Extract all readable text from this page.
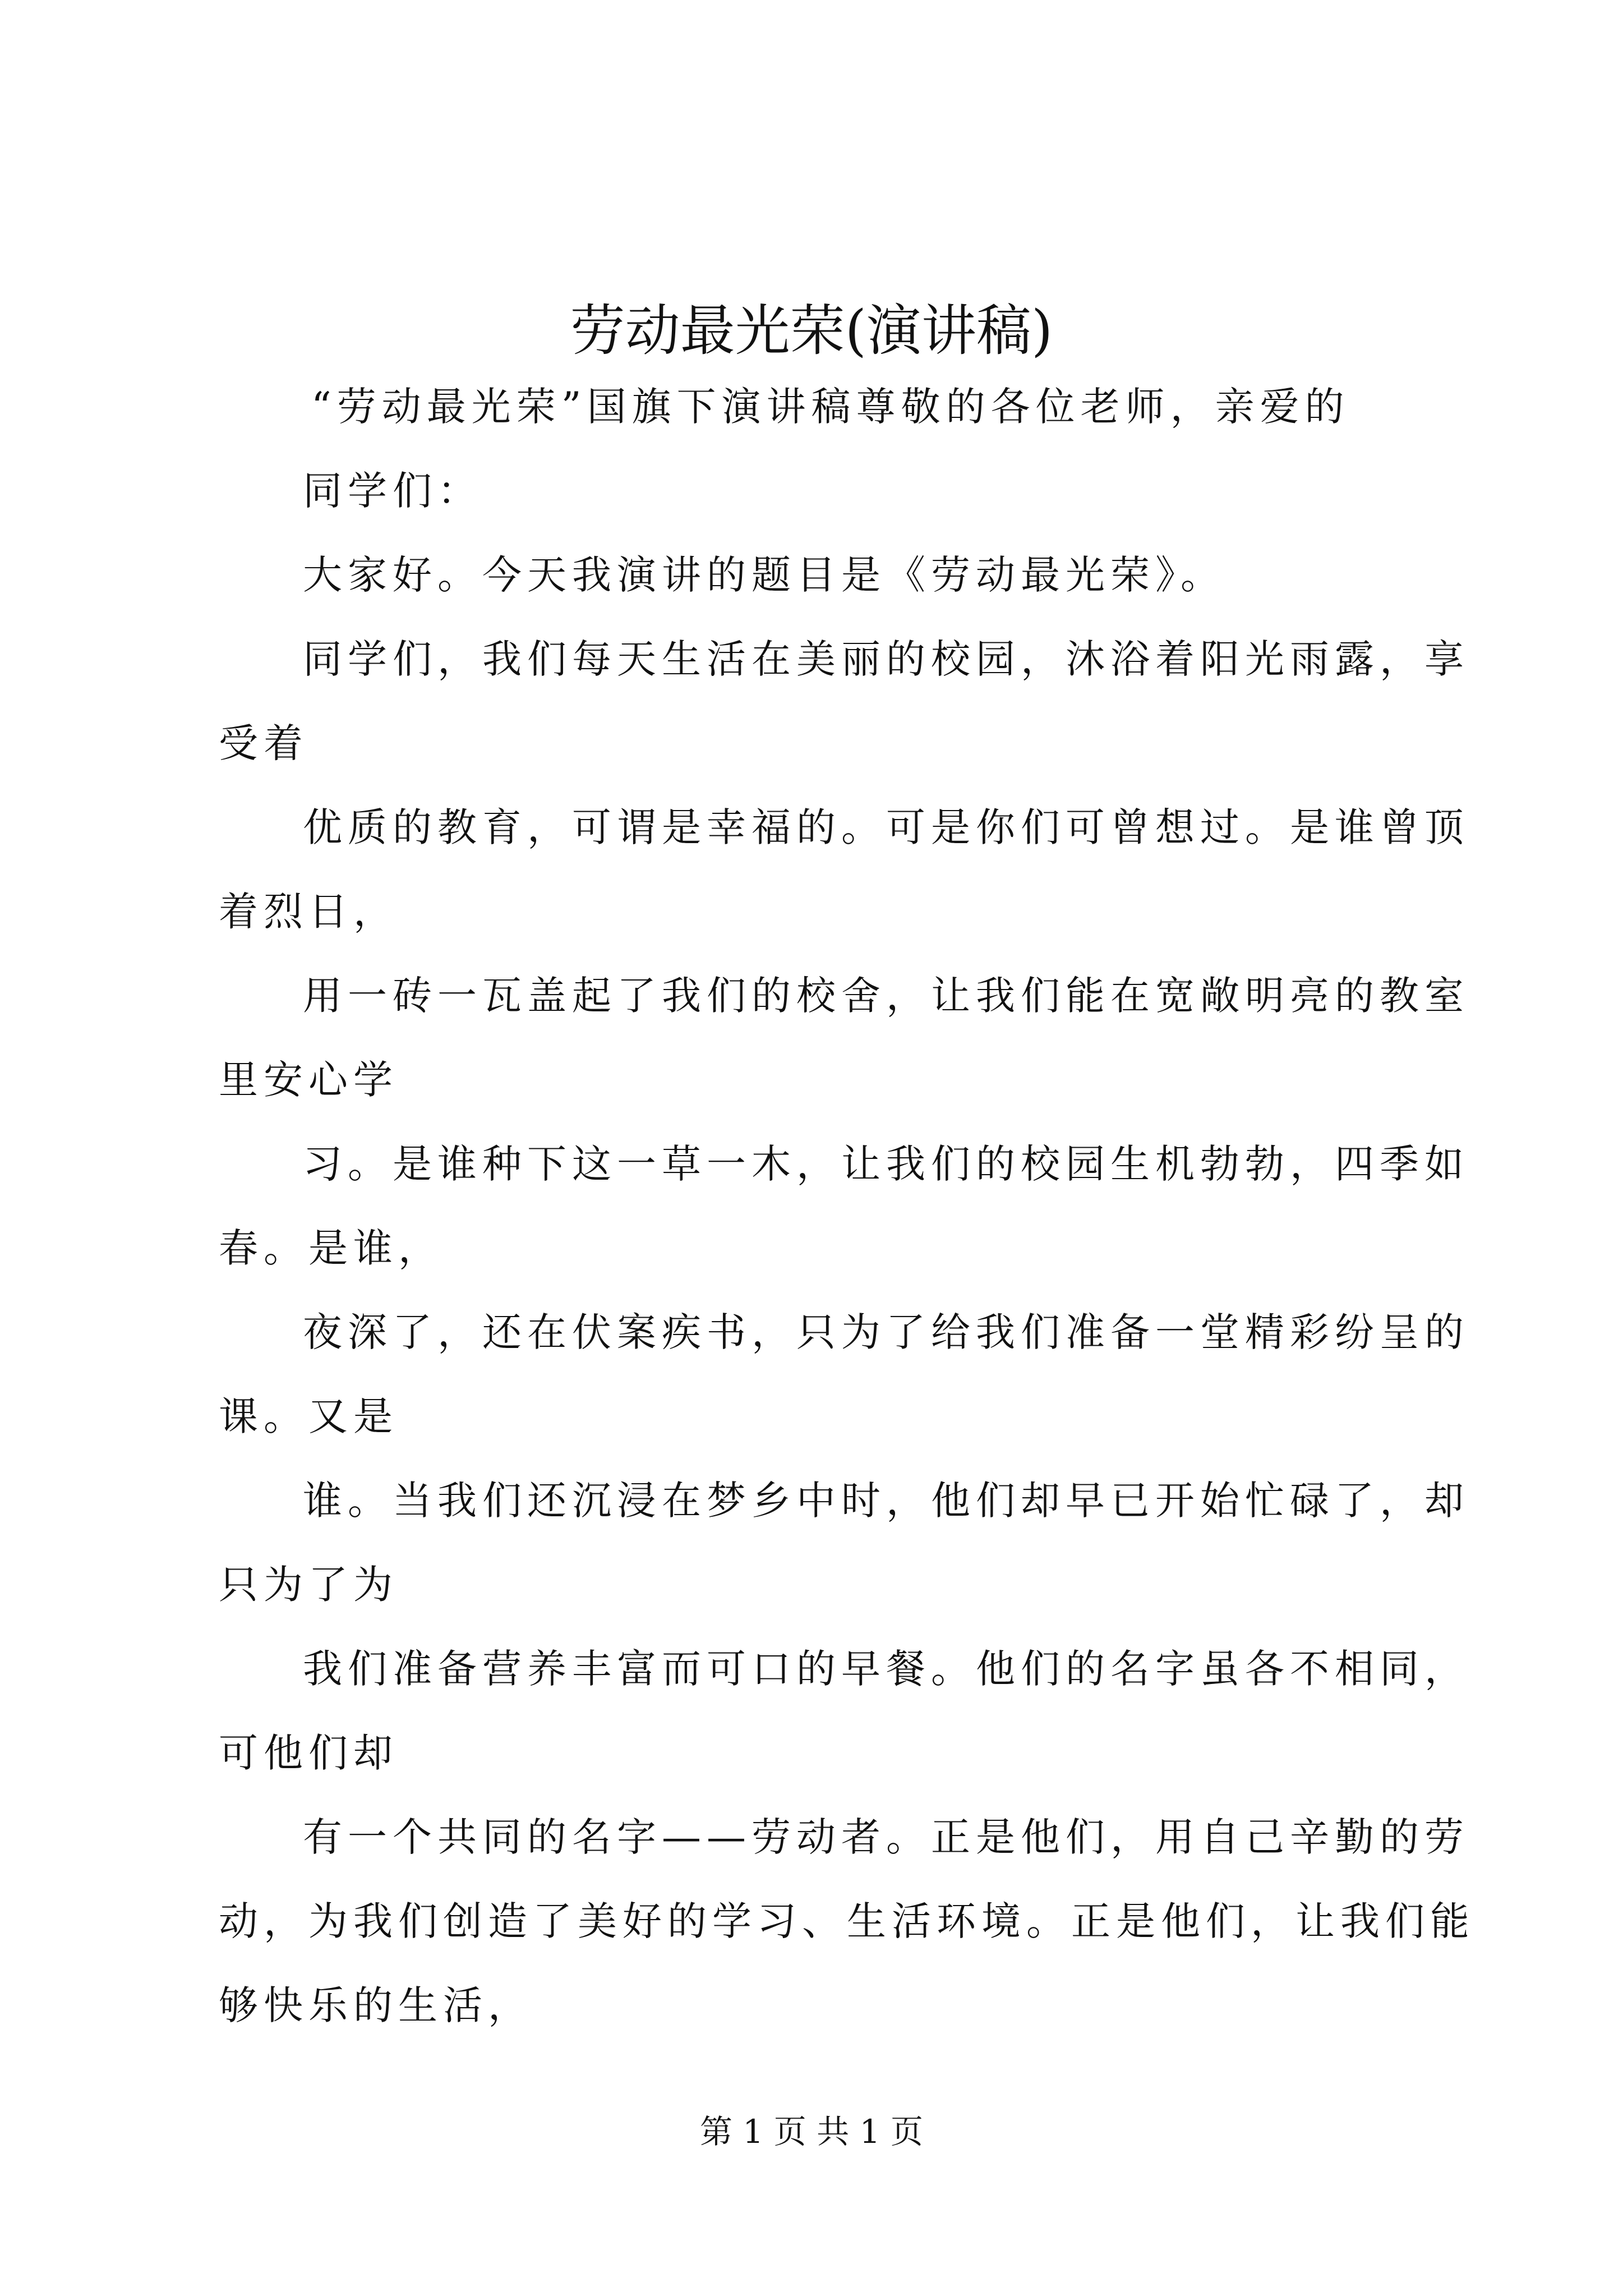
劳动最光荣(演讲稿)
“劳动最光荣”国旗下演讲稿尊敬的各位老师，亲爱的
同学们：
大家好。今天我演讲的题目是《劳动最光荣》。
同学们，我们每天生活在美丽的校园，沐浴着阳光雨露，享
受着
优质的教育，可谓是幸福的。可是你们可曾想过。是谁曾顶
着烈日，
用一砖一瓦盖起了我们的校舍，让我们能在宽敞明亮的教室
里安心学
习。是谁种下这一草一木，让我们的校园生机勃勃，四季如
春。是谁，
夜深了，还在伏案疾书，只为了给我们准备一堂精彩纷呈的
课。又是
谁。当我们还沉浸在梦乡中时，他们却早已开始忙碌了，却
只为了为
我们准备营养丰富而可口的早餐。他们的名字虽各不相同，
可他们却
有一个共同的名字——劳动者。正是他们，用自己辛勤的劳
动，为我们创造了美好的学习、生活环境。正是他们，让我们能
够快乐的生活，
第 1 页 共 1 页
